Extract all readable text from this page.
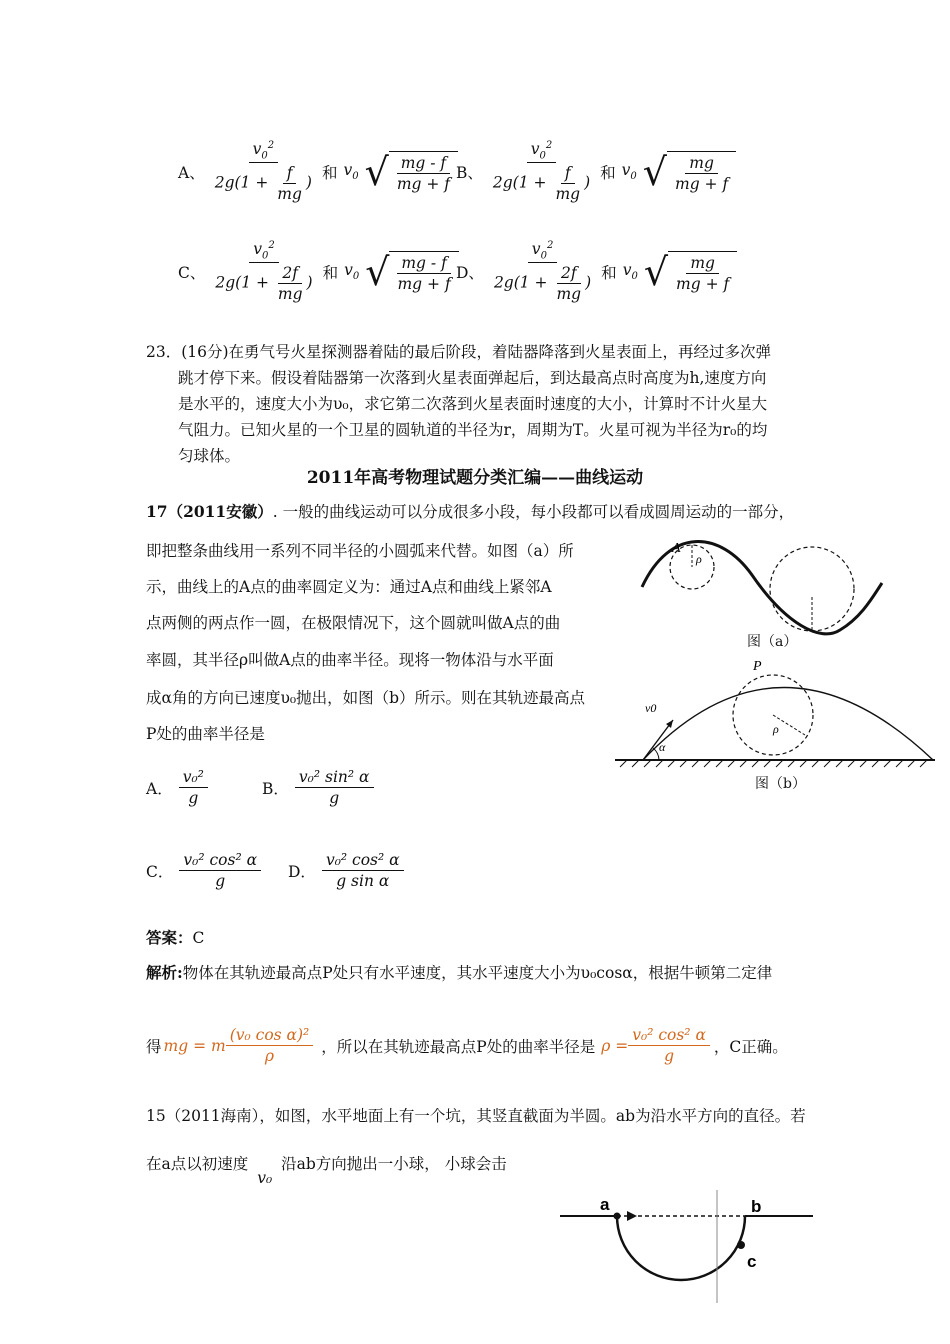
A、 $\frac{v_0^2}{2g(1 + \frac{f}{mg} )}$ 和 $v_0$ √ $\frac{mg - f}{mg + f}$ B、 $\frac{v_0^2}{2g(1 + \frac{f}{mg} )}$ 和 $v_0$ √ $\frac{mg}{mg + f}$
C、 $\frac{v_0^2}{2g(1 + \frac{2f}{mg} )}$ 和 $v_0$ √ $\frac{mg - f}{mg + f}$ D、 $\frac{v_0^2}{2g(1 + \frac{2f}{mg} )}$ 和 $v_0$ √ $\frac{mg}{mg + f}$
23．(16分)在勇气号火星探测器着陆的最后阶段，着陆器降落到火星表面上，再经过多次弹
跳才停下来。假设着陆器第一次落到火星表面弹起后，到达最高点时高度为h,速度方向
是水平的，速度大小为υ₀，求它第二次落到火星表面时速度的大小，计算时不计火星大
气阻力。已知火星的一个卫星的圆轨道的半径为r，周期为T。火星可视为半径为r₀的均
匀球体。
2011年高考物理试题分类汇编——曲线运动
17（2011安徽）. 一般的曲线运动可以分成很多小段，每小段都可以看成圆周运动的一部分，
即把整条曲线用一系列不同半径的小圆弧来代替。如图（a）所
示，曲线上的A点的曲率圆定义为：通过A点和曲线上紧邻A
点两侧的两点作一圆，在极限情况下，这个圆就叫做A点的曲
率圆，其半径ρ叫做A点的曲率半径。现将一物体沿与水平面
成α角的方向已速度υ₀抛出，如图（b）所示。则在其轨迹最高点
P处的曲率半径是
A
ρ
图（a）
P
ρ
v0
α
图（b）
A． $\frac{\text{v₀²}}{g}$	B． $\frac{\text{v₀² sin² α}}{g}$
C． $\frac{\text{v₀² cos² α}}{g}$ D． $\frac{\text{v₀² cos² α}}{\text{g sin α}}$
答案：C
解析:物体在其轨迹最高点P处只有水平速度，其水平速度大小为υ₀cosα，根据牛顿第二定律
得 mg = m $\frac{\text{(v₀ cos α)²}}{\rho}$ ，所以在其轨迹最高点P处的曲率半径是 $\rho = \frac{\text{v₀² cos² α}}{g}$ ，C正确。
15（2011海南），如图，水平地面上有一个坑，其竖直截面为半圆。ab为沿水平方向的直径。若
在a点以初速度 v₀ 沿ab方向抛出一小球， 小球会击
a	b
c
